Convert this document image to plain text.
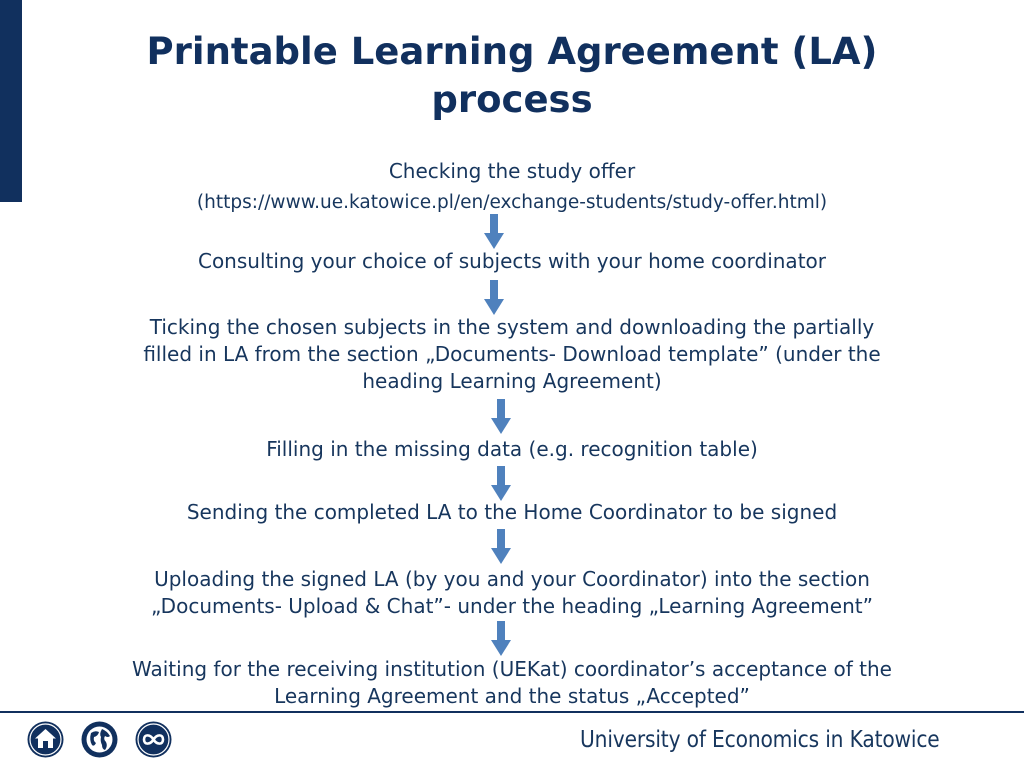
Printable Learning Agreement (LA)
process
Checking the study offer
(https://www.ue.katowice.pl/en/exchange-students/study-offer.html)
Consulting your choice of subjects with your home coordinator
Ticking the chosen subjects in the system and downloading the partially
filled in LA from the section „Documents- Download template” (under the
heading Learning Agreement)
Filling in the missing data (e.g. recognition table)
Sending the completed LA to the Home Coordinator to be signed
Uploading the signed LA (by you and your Coordinator) into the section
„Documents- Upload & Chat”- under the heading „Learning Agreement”
Waiting for the receiving institution (UEKat) coordinator’s acceptance of the
Learning Agreement and the status „Accepted”
University of Economics in Katowice
